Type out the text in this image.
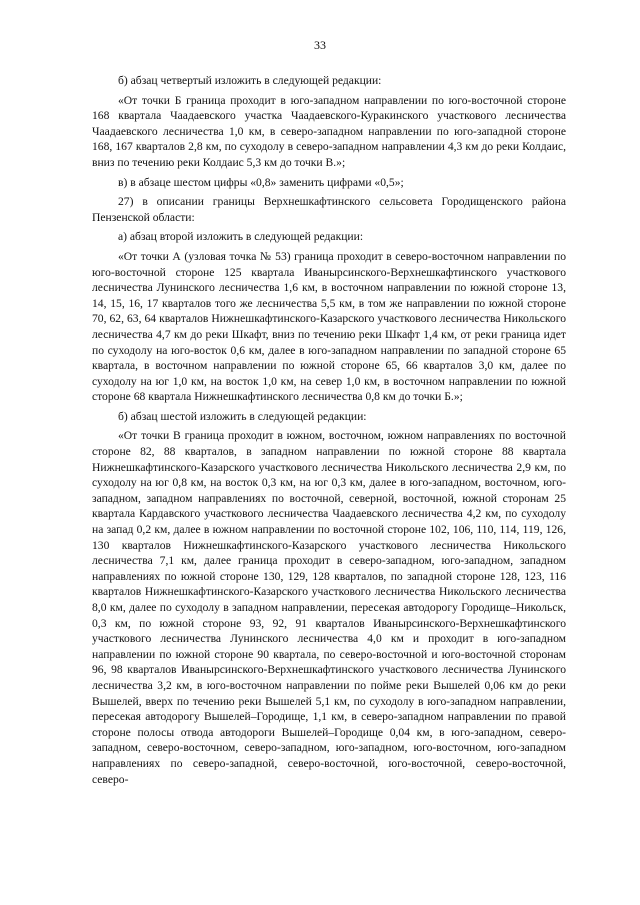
33

б) абзац четвертый изложить в следующей редакции:

«От точки Б граница проходит в юго-западном направлении по юго-восточной стороне 168 квартала Чаадаевского участка Чаадаевского-Куракинского участкового лесничества Чаадаевского лесничества 1,0 км, в северо-западном направлении по юго-западной стороне 168, 167 кварталов 2,8 км, по суходолу в северо-западном направлении 4,3 км до реки Колдаис, вниз по течению реки Колдаис 5,3 км до точки В.»;

в) в абзаце шестом цифры «0,8» заменить цифрами «0,5»;

27) в описании границы Верхнешкафтинского сельсовета Городищенского района Пензенской области:

а) абзац второй изложить в следующей редакции:

«От точки А (узловая точка № 53) граница проходит в северо-восточном направлении по юго-восточной стороне 125 квартала Иванырсинского-Верхнешкафтинского участкового лесничества Лунинского лесничества 1,6 км, в восточном направлении по южной стороне 13, 14, 15, 16, 17 кварталов того же лесничества 5,5 км, в том же направлении по южной стороне 70, 62, 63, 64 кварталов Нижнешкафтинского-Казарского участкового лесничества Никольского лесничества 4,7 км до реки Шкафт, вниз по течению реки Шкафт 1,4 км, от реки граница идет по суходолу на юго-восток 0,6 км, далее в юго-западном направлении по западной стороне 65 квартала, в восточном направлении по южной стороне 65, 66 кварталов 3,0 км, далее по суходолу на юг 1,0 км, на восток 1,0 км, на север 1,0 км, в восточном направлении по южной стороне 68 квартала Нижнешкафтинского лесничества 0,8 км до точки Б.»;

б) абзац шестой изложить в следующей редакции:

«От точки В граница проходит в южном, восточном, южном направлениях по восточной стороне 82, 88 кварталов, в западном направлении по южной стороне 88 квартала Нижнешкафтинского-Казарского участкового лесничества Никольского лесничества 2,9 км, по суходолу на юг 0,8 км, на восток 0,3 км, на юг 0,3 км, далее в юго-западном, восточном, юго-западном, западном направлениях по восточной, северной, восточной, южной сторонам 25 квартала Кардавского участкового лесничества Чаадаевского лесничества 4,2 км, по суходолу на запад 0,2 км, далее в южном направлении по восточной стороне 102, 106, 110, 114, 119, 126, 130 кварталов Нижнешкафтинского-Казарского участкового лесничества Никольского лесничества 7,1 км, далее граница проходит в северо-западном, юго-западном, западном направлениях по южной стороне 130, 129, 128 кварталов, по западной стороне 128, 123, 116 кварталов Нижнешкафтинского-Казарского участкового лесничества Никольского лесничества 8,0 км, далее по суходолу в западном направлении, пересекая автодорогу Городище–Никольск, 0,3 км, по южной стороне 93, 92, 91 кварталов Иванырсинского-Верхнешкафтинского участкового лесничества Лунинского лесничества 4,0 км и проходит в юго-западном направлении по южной стороне 90 квартала, по северо-восточной и юго-восточной сторонам 96, 98 кварталов Иванырсинского-Верхнешкафтинского участкового лесничества Лунинского лесничества 3,2 км, в юго-восточном направлении по пойме реки Вышелей 0,06 км до реки Вышелей, вверх по течению реки Вышелей 5,1 км, по суходолу в юго-западном направлении, пересекая автодорогу Вышелей–Городище, 1,1 км, в северо-западном направлении по правой стороне полосы отвода автодороги Вышелей–Городище 0,04 км, в юго-западном, северо-западном, северо-восточном, северо-западном, юго-западном, юго-восточном, юго-западном направлениях по северо-западной, северо-восточной, юго-восточной, северо-восточной, северо-
